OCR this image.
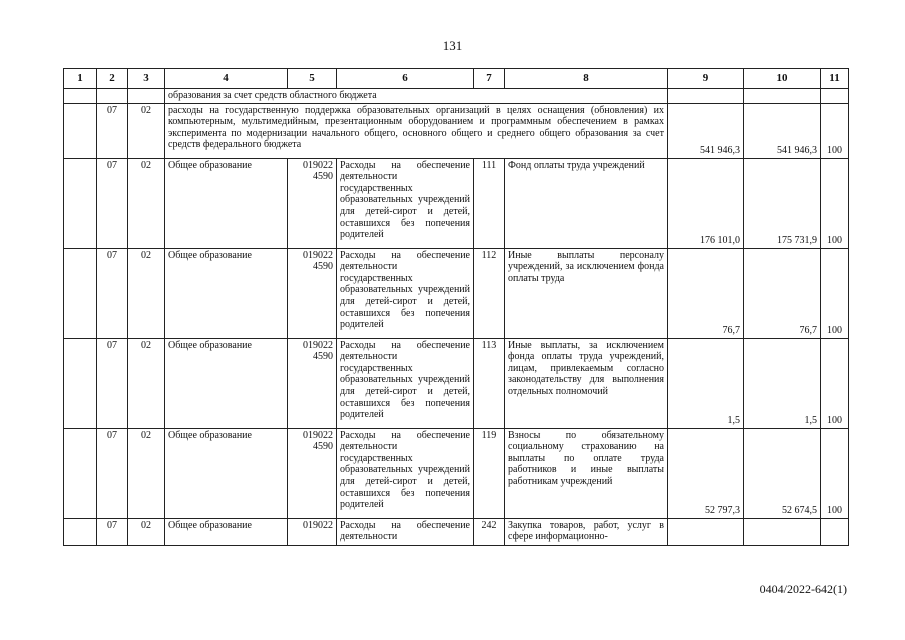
131
1	2	3	4	5	6	7	8	9	10	11
			образования за счет средств областного бюджета							
	07	02	расходы на государственную поддержка образовательных организаций в целях оснащения (обновления) их компьютерным, мультимедийным, презентационным оборудованием и программным обеспечением в рамках эксперимента по модернизации начального общего, основного общего и среднего общего образования за счет средств федерального бюджета					541 946,3	541 946,3	100
	07	02	Общее образование	019022 4590	Расходы на обеспечение деятельности государственных образовательных учреждений для детей-сирот и детей, оставшихся без попечения родителей	111	Фонд оплаты труда учреждений	176 101,0	175 731,9	100
	07	02	Общее образование	019022 4590	Расходы на обеспечение деятельности государственных образовательных учреждений для детей-сирот и детей, оставшихся без попечения родителей	112	Иные выплаты персоналу учреждений, за исключением фонда оплаты труда	76,7	76,7	100
	07	02	Общее образование	019022 4590	Расходы на обеспечение деятельности государственных образовательных учреждений для детей-сирот и детей, оставшихся без попечения родителей	113	Иные выплаты, за исключением фонда оплаты труда учреждений, лицам, привлекаемым согласно законодательству для выполнения отдельных полномочий	1,5	1,5	100
	07	02	Общее образование	019022 4590	Расходы на обеспечение деятельности государственных образовательных учреждений для детей-сирот и детей, оставшихся без попечения родителей	119	Взносы по обязательному социальному страхованию на выплаты по оплате труда работников и иные выплаты работникам учреждений	52 797,3	52 674,5	100
	07	02	Общее образование	019022	Расходы на обеспечение деятельности	242	Закупка товаров, работ, услуг в сфере информационно-			
0404/2022-642(1)
